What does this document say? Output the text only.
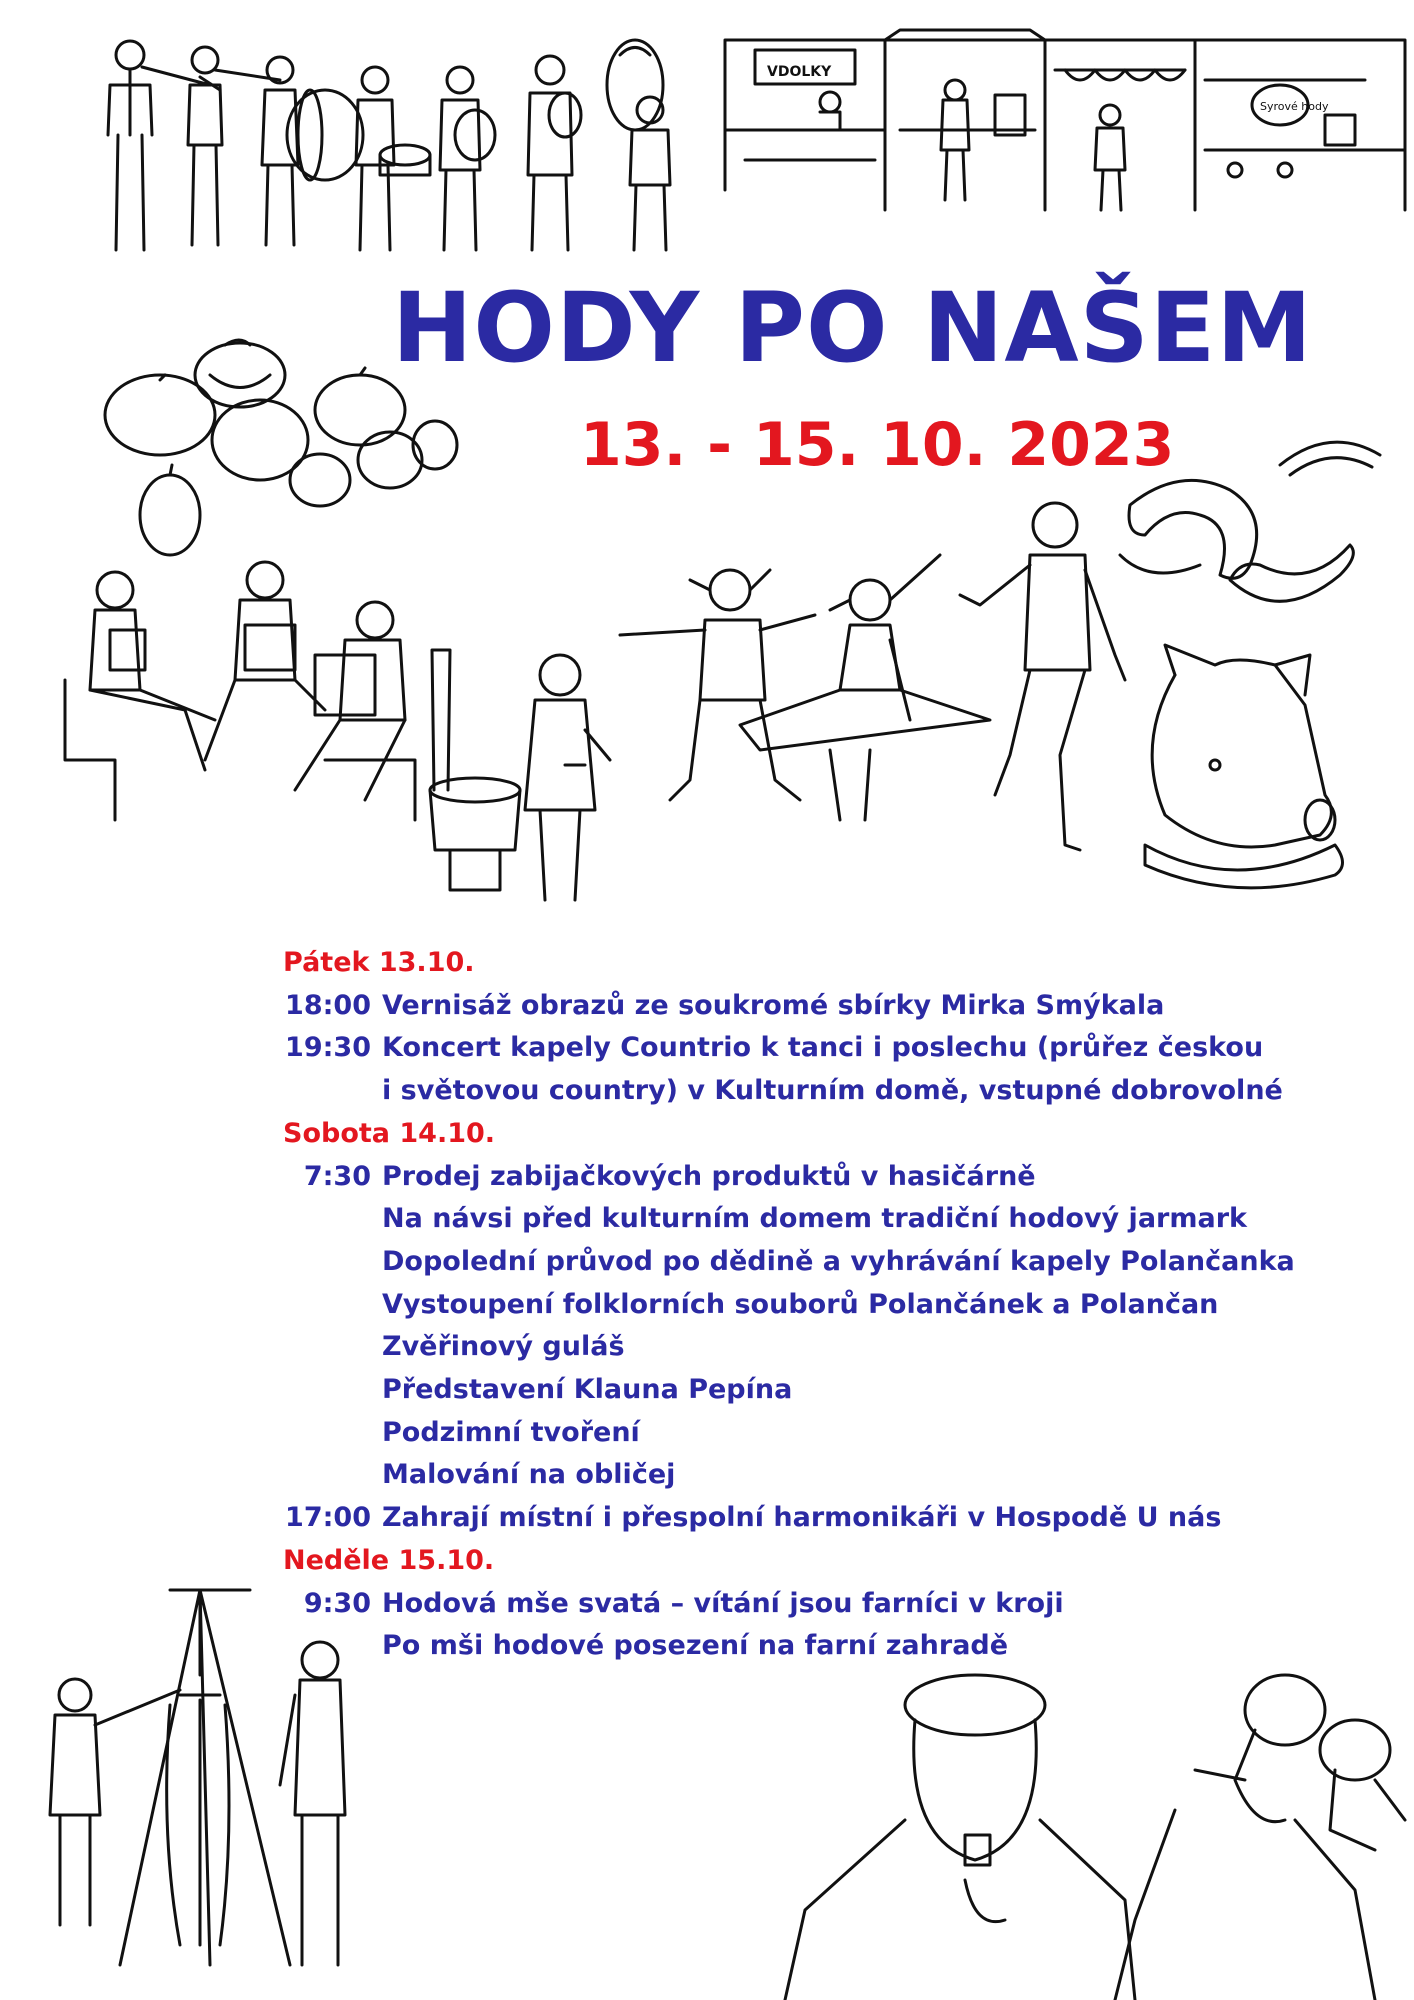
VDOLKY
Syrové hody
HODY PO NAŠEM
13. - 15. 10. 2023
Pátek 13.10.
18:00 Vernisáž obrazů ze soukromé sbírky Mirka Smýkala
19:30 Koncert kapely Countrio k tanci i poslechu (průřez českou
i světovou country) v Kulturním domě, vstupné dobrovolné
Sobota 14.10.
7:30 Prodej zabijačkových produktů v hasičárně
Na návsi před kulturním domem tradiční hodový jarmark
Dopolední průvod po dědině a vyhrávání kapely Polančanka
Vystoupení folklorních souborů Polančánek a Polančan
Zvěřinový guláš
Představení Klauna Pepína
Podzimní tvoření
Malování na obličej
17:00 Zahrají místní i přespolní harmonikáři v Hospodě U nás
Neděle 15.10.
9:30 Hodová mše svatá – vítání jsou farníci v kroji
Po mši hodové posezení na farní zahradě
